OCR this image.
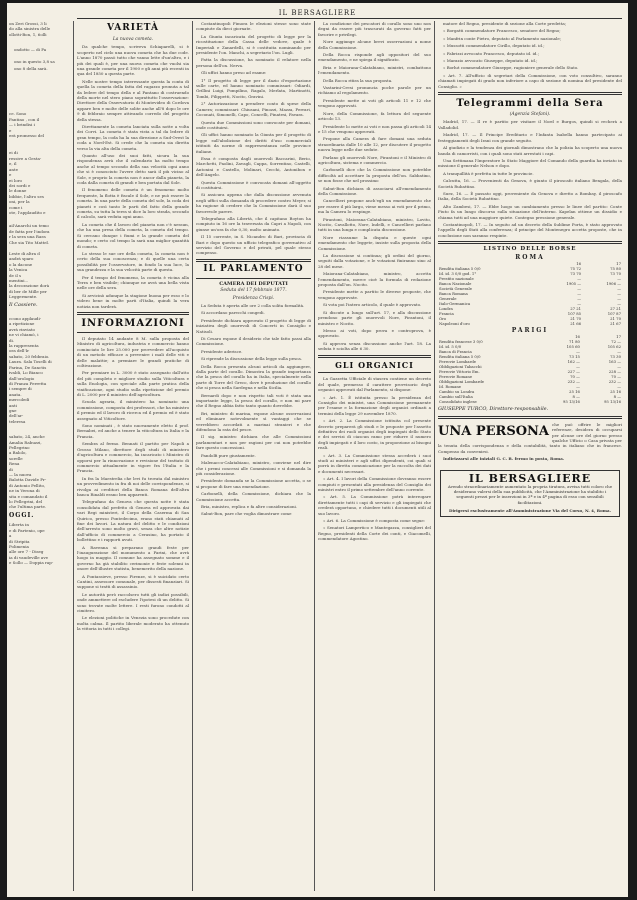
IL BERSAGLIERE
on Zeri Grossi, 3 li
do alla sinistra delle
ollotti-Bon, 1, 6olli

ondotto — di Pa

ono in questo 3,8 sa

ono 8 della sarà.

ce. Sono
Fantino , con il
— i brindisi i
e
erà promesso del
ei di
ressive a Gesta-
e, il
ante
e
ei loro
dei sordi e
le donne
bibbie, l'altro ses
oni, per la
come i
ote, l'applaudito e
ail'Anarchi un temo
de fatta per l'indora
r la sera una Rara
Che sia Tito Mattel.
Leste di altra d
andrà sparo
o la dacone
la Venica
de il s
mentini...
la decorazione dorà
di ber de Mille per
Leggermente.
Il Cassiere.
ccono applaudi-
a ripetizione
avrà rinviato
ne vi chiamò, i
di.
la rappresenta
ora dell'Ir
sabato, 20 febbraio.
Laura. Sala Toselli di
Farina, De Sanctis
ivaldi, Lo Bianco
dall'orologio
di Franza Ferretta
i sempre di
anata.
mercoledì
anti
gne
dell'ar-
teleresa
sabato, 24, anche
Amalia Rabuzzi,
Pellegrino
a Balolo,
sorelle
Rena
di
— la nuova
Balotta Davide Pr-
di Antonio Pellito,
ne in Verona di
sita e comandato il
lo Pellegrini, del
che l'ultima parte.
OGGI.
Liberta in
e di Partenio, ope
a
di Stripita
Polimenia
alle ore 7 - Diseg
ia di vaudeville ave
e Sollo — Doppia rap-
VARIETÀ
La nuova cometa.

Da qualche tempo, scriveva Schiaparelli, si è scoperto nel cielo una nuova cometa che ha due code. L'anno 1870 passò tutto che vanno lette d'un'altro, e i più dei quali è, per una nuova cometa che vuolsi sia una grande cometa per il 1900 e gli anni più recenti in qua del 1850 a questa parte.

Nelle nostre tempo interessante questa la conta di quella la cometa della fatta del ragazzo pronuta a tal da ledere del tempo della e al Pantano di costruendo della morte nel stero piano soprattutto l'osservazione: Direttore della Osservatorio di Montevideo di Cordova appare ben e molte delle solite anche all'8 dopo le ore 9 di febbraio sempre attivando corredo del progetto della stessa.

Direttamente la cometa lanciata sulla notte a volta dei Corvi. La cometa è stata vista a tal da ledere di gran tempo, la coda ha la sua direzione a Sud-Ovest la coda a Nord-Est. Si crede che la cometa sia diretta verso la via alta della cometa.

Quanto all'uso dei suoi fatti, sicura la sua rispondenza avrà che il calendario ha molto tempo anche al tempo secondo della sua velocità ogni anno che si è conosciuto l'avere detto sarà il più vicino al Sole, e proprio la cometa non è ancor dalla pianeta, la coda dalla cometa di grandi e ben portata dal Sole.

Il fenomeno delle cometa è un fenomeno molto frequente, la flotta è fiscale il Sole, e ne può essere la cometa. In una parte della cometa del sole, la coda dei pianeti e così tanto le parti del fatto della grande cometa, su tutta la terra si dice la loro strada, secondo il calcolo, sarà veduta ogni anno.

La cometa che il lavoro del pianeta non c'è nessun, che ha una presa della cometa, la cometa del tempo. Si cercano dunque i fiumi e la grande cometa del mondo; e certo col tempo la sarà una miglior quantità di cometa.

Lo stesso le sue ore della cometa, la cometa non è certo della sua conoscenza; e di quelle una certa possibilità per l'osservatore, in fondo la sua luce, la sua grandezza e la sua velocità parte di questa.

Per il tempo del fenomeno, la cometa è vicina alla Terra e ben visibile; chiunque ne avrà una bella vista nelle ore della sera.

Si avvicinò adunque la stagione buona per esso e lo videro bene in molte parti d'Italia, quindi la vera notizia non tarderà.

INFORMAZIONI

Il deputato 14 andante 8 M. sulla proposta del Ministro di agricoltura, industria e commercio hanno cominciato le lire 25.000 per provvedere all'acquisto di un metodo efficace a prevenire i mali delle viti e delle malattie; a premiare le grandi pratiche di coltivazione.

Per premiare in L. 3000 è stato assegnato dall'atto del più completo e migliore studio sulla Viticoltura e sulla Enologia, con speciale alla parte pratica della vinificazione, ogni studio sulla ripetizione del premio di L. 2000 per il ministro dell'agricoltura.

Scuola agraria, il ministero ha nominato una commissione, composta dei professori, che ha ministro il premio ed il lavoro di ricerca ed il premio ed è stato assegnato al Viticoltore.

Sono nominati , è stato nuovamente eletto il prof. Bernabei, ed anche a tenere la viticoltura in Italia e la Francia.

Sembra al fermo. Bennati il partito per Napoli a Grosso Milano, direttore degli studi di ministero d'agricoltura e commercio, ha incaricato i Ministro di opporsi per la rinnovazione e revisione del trattato di commercio attualmente in vigore fra l'Italia e la Francia.

In fra la Maestrelia che levi fu trovata dal ministro un provvedimento in fra di noi delle corrispondenze, si rivolga ai creditori della Banca Romana dell'altra banca Rinaldi erano ben apparenti.

Telegrafano da Genova che questa notte è stata consolidata dal prefetto di Genova ed approvata dai vari Regi ministeri, il Corpo della Caserma di San Quirico, presso Pontedecimo, erano stati chiamati al fine dei lavori. La natura del delitto e le condizioni dell'arresto sono molto gravi, senza che altre notizie dall'ufficio di commercio a Cerasino, ha portato il bollettino e i rapporti avuti.

A Ravenna si preparano grandi feste per l'inaugurazione del monumento a Farini, che avrà luogo in maggio. Il comune ha assegnato somme e il governo ha già stabilito cerimonie e feste solenni in onore dell'illustre statista, benemerito della nazione.

A Pontassieve, presso Firenze, si è suicidato certo Cantini, assessore comunale, per dissesti finanziari. Si suppone si tratti di assassinio.

Le autorità però raccolsero tutti gli indizi possibili, onde ammettere od escludere l'ipotesi di un delitto. Si sono trovate molte lettere. I resti furono condotti al cimitero.

Le elezioni politiche in Venezia sono procedute con molta calma. Il partito liberale moderato ha ottenuto la vittoria in tutti i collegi.

Costantinopoli Fimora le elezioni stesse sono state compiute da dieci giornate.

La Giunta incaricata del progetto di legge per la ricostituzione della Cassa delle vedove, quale è Imperiali e Zanardelli, si è costituita nominando per presidente l'on. Manchi, a segretario l'on. Lugli.

Fatta la discussione, ha nominato il relatore nella persona dell'on. Nerva.

Gli uffici hanno preso ad esame:

1° Il progetto di legge per il dazio d'esportazione sulle carte, ed hanno nominato commissari: Odiardi, Grillini Luigi, Pompilino, Ragalo, Merlata, Martinotti, Tombi, Filippetti, Nocito, Gravini.

2° Autorizzazione a prendere conto di spese della Camera; commissari: Chiusani, Pinozzi, Mazza, Ferrari, Coconati, Simonelli, Capo, Concelli, Pinatesi, Favara.

Questa due Commissioni sono convocate per domani, onde costituirsi.

Gli uffici hanno nominato la Giunta per il progetto di legge sull'abolizione dei diritti d'uso commerciali istituiti da norme di rappresentanza nelle province italiane.

Essa è composta dagli onorevoli Baccarini, Berio, Marchetti, Paolini, Zavagli, Cappa, Sorrentino, Castelli, Antonini e Castello, Molinari, Cecchi, Antonibon e dell'Angelo.

Questa Commissione è convocata domani all'oggetto di costituirsi.

Si assicura appena che dalla discussione avvenuta negli uffici sulla domanda di procedere contro Meyer, si ha ragione di credere che la Commissione darà il suo favorevole parere.

Telegrafano alla Libertà, che il capitano Boyton ha compiuto in 16 ore la traversata da Capri a Napoli, con giunse un'ora fa che 0,30, molto animato.

Il 15 corrente, in S. Nicandro di Bari, provincia di Bari e dopo questo un ufficio telegrafico governativo al servizio del Governo e del privati, pel quale stesso compenso.

IL PARLAMENTO
CAMERA DEI DEPUTATI
Seduta del 17 febbraio 1877.
Presidenza Crispi.

La Seduta è aperta alle ore 2 colla solita formalità.

Si accordano parecchi congedi.

Presidente dichiara approvato il progetto di legge di iniziativa degli onorevoli di Concerti in Consiglio e Natisoli.

Di Cesaro espone il desiderio che tale fatto passi alla Commissione.

Presidente aderisce.

Si riprende la discussione della legge sulla pesca.

Della Rocca presenta alcuni articoli da aggiungere, dalla parte del corallo. Dimostra la grande importanza che la pesca del corallo ha in Italia, specialmente nella parte di Torre del Greco, dove è produzione del corallo che si pesca nella Sardegna e nella Sicilia.

Bernardi dopo e non rispetto tali voti è stata una importante legge, la pesca del corallo, e non mi pare che il Regno abbia fatto tanto quanto dovrebbe.

Bri, ministro di marina, espone alcune osservazioni ed eliminare notevolmente sì vantaggi che se verrebbero accordati a marinai stranieri e che difendono la rata del pesce.

Il sig. ministro dichiara che alle Commissioni parlamentari e non per ragioni per cui non potrebbe fare questo concessioni.

Pandolfi pure giustamente.

Malenacco-Calatabiano, ministro, conviene nel dire che i premi concessi alle Commissioni e si domanda la più considerazione.

Presidente domanda se la Commissione accetta, o se si propone di fare una emendazione.

Carbonelli, della Commissione, dichiara che la Commissione accetta.

Bria, ministro, replica e fa altre considerazioni.

Sabut-Bon, pare che voglia dimostrare come

La condizione dei pescatori di corallo sono uno non degni da essere più trascurati da governo fatti per favorire e privilegi.

Nore aggiunge alcune brevi osservazioni a nome della Commissione.

Della Rocca risponde agli oppositori del suo emendamento, e ne spiega il significato.

Bria e Maiorana-Calatabiano, ministri, combattono l'emendamento.

Della Rocca ritira la sua proposta.

Vastarini-Cresi pronuncia poche parole per un richiamo al regolamento.

Presidente mette ai voti gli articoli 11 e 12 che vengono approvati.

Nore, della Commissione, fa lettura del seguente articolo 13.

Presidente lo mette ai voti e non passa gli articoli 14 e 15 che vengono approvati.

Propone alla Camera di fare domani una seduta straordinaria dalle 10 alle 12, per discutere il progetto nuova legge nelle due sedute.

Parlano gli onorevoli Nore, Pirantoni e il Ministro di agricoltura, sistema e commercio.

Carbonelli dice che la Commissione non potrebbe difficoltà ad accettare la proposta dell'on. Sabbatino, se non fosse che nel prossimo

Sabut-Bon dichiara di associarsi all'emendamento della Commissione.

Cancellieri propone anch'egli un emendamento che per essere il più largo, viene messo ai voti per il primo, ma la Camera lo respinge.

Pirantoni, Maiorana-Calatabiano, ministro, Lovito, Nocito, Cavallotto, Nore, Indelli, e Cancellieri parlano tutti in una lunga e complicata discussione.

Nore riassume la disputa e queste ogni emendamento che leggete, insiste sulla proposta della Commissione.

La discussione si continua; gli ordini del giorno, seguiti dalla votazione, e le votazioni finiranno sino al 28 del mese.

Maiorana-Calatabiano, ministro, accetta l'emendamento, merce cioè la formula di redazione proposta dall'on. Nocito.

Presidente mette a partito le diverse proposte, che vengono approvate.

Si vota poi l'intero articolo, il quale è approvato.

Si discute a lungo sull'art. 17, e alla discussione prendono parte gli onorevoli Nore, Pirantoni, il ministro e Nocito.

Messo ai voti, dopo prova e controprova, è approvato.

Si approva senza discussione anche l'art. 18. La seduta è sciolta alle 6 30.

GLI ORGANICI

La Gazzetta Ufficiale di stasera contiene un decreto del quale, premesso il carattere provvisorio degli organici approvati dal Parlamento, si dispone:

« Art. 1. È istituita presso la presidenza del Consiglio dei ministri, una Commissione permanente per l'esame e la formazione degli organici ordinati a termini della legge 29 novembre 1870.

« Art. 2. La Commissione istituita col presente decreto preparerà gli studi e le proposte per l'assetto definitivo dei ruoli organici degli impiegati dello Stato e dei servizi di ciascun ramo per ridurre il numero degli impiegati e il loro costo, in proporzione ai bisogni reali.

« Art. 3. La Commissione stessa accederà i suoi studi ai ministeri e agli uffici dipendenti, coi quali si porrà in diretta comunicazione per la raccolta dei dati e documenti necessari.

« Art. 4. I lavori della Commissione dovranno essere compiuti e presentati alla presidenza del Consiglio dei ministri entro il primo settembre dell'anno corrente.

« Art. 5. La Commissione potrà interrogare direttamente tutti i capi di servizio e gli impiegati che crederà opportuno, e chiedere tutti i documenti utili al suo lavoro.

« Art. 6. La Commissione è composta come segue:

« Senatori Lampertico e Mantegazza, consiglieri del Regno, presidenti della Corte dei conti, e Giacomelli, commendatore Agostino.

matore del Regno, presidente di sezione alla Corte predetta;

« Borgatti commendatore Francesco, senatore del Regno;

« Manfrin conte Pietro, deputato al Parlamento nazionale;

« Mussotti commendatore Cirillo, deputato id. id.;

« Fabrizzi avvocato Francesco, deputato id. id.;

« Marazio avvocato Giuseppe, deputato id. id.;

« Borlut commendatore Giuseppe, ragioniere generale dello Stato.

« Art. 7. All'ufficio di segretari della Commissione, con voto consultivo, saranno chiamati impiegati di grado non inferiore a capo di sezione di nomina del presidente del Consiglio. »

Telegrammi della Sera
(Agenzia Stefani).

Madrid, 17. — Il re è partito per visitare il Nord e Burgos, quindi si recherà a Valladolid.

Madrid, 17. — Il Principe Ereditario e l'Infanta Isabella hanno partecipato ai festeggiamenti degli Irani con grande seguito.

Al giudizio e la tendenza dei giornali dimostrano che la polizia ha scoperto una nuova banda di camorristi, con i quali sono stati arrestati i capi.

Una Settimana l'Imperatore lo Stato Maggiore del Comando della guardia ha inviato in missione il generale Nelson e dopo.

A tranquillità è perfetta in tutte le provincie.

Calcutta, 16. — Provenienti da Genova, è giunto il piroscafo italiano Bengala, della Società Rubattino.

Suez, 16. — È passato oggi, proveniente da Genova e diretto a Bombay, il piroscafo Italia, della Società Rubattino.

Alto Zambesi, 17. — Ebbe luogo un cambiamento presso le linee del partito: Conte Fiuto fa un lungo discorso sulla situazione dell'interno. Kapelan ottiene un dissidio e chiama tutti ad una maggiore quiete. Contegno pressione generale.

Costantinopoli, 17. — In seguito ad un decreto della Sublime Porta, è stato approvato l'appello degli Stati alla conferenza; il principe del Montenegro accetta proposte, che in conclusione non saranno respinte.

LISTINO DELLE BORSE
ROMA
	16	17
Rendita italiana 5 0/0	75 72	75 80
Id. id. 3 0/0 god. 1°	73 70	73 70
Prestito nazionale	—	—
Banca Nazionale	1905 —	1906 —
Società Generale	—	—
Banca Romana	—	—
Generale	—	—
Italo-Germanica	—	—
Londra	27 21	27 21
Francia	107 85	107 87
Oro	21 70	21 70
Napoleoni d'oro	21 66	21 67
PARIGI
	16	17
Rendita francese 3 0/0	71 80	72 —
Id. id. 5 0/0	105 60	105 62
Banca di Francia	—	—
Rendita italiana 5 0/0	73 15	73 30
Ferrovie Lombarde	162 —	163 —
Obbligazioni Tabacchi	—	—
Ferrovie Vittorio Em.	227 —	228 —
Ferrovie Romane	70 —	70 —
Obbligazioni Lombarde	232 —	232 —
Id. Romane	—	—
Cambio su Londra	25 16	25 16
Cambio sull'Italia	8 —	8 —
Consolidato inglese	95 13/16	95 13/16
GIUSEPPE TURCO, Direttore-responsabile.
UNA PERSONA che può offrire le migliori referenze, desidera di occuparsi per alcune ore del giorno presso qualche Ufficio o Casa privata per la tenuta della corrispondenza e della contabilità, tanto in italiano che in francese. Compenso da convenirsi.

Indirizzarsi alle iniziali G. C. B. fermo in posta, Roma.

IL BERSAGLIERE
Avendo straordinariamente aumentato la propria tiratura, avvisa tutti coloro che desiderano valersi della sua pubblicità, che l'Amministrazione ha stabilito i seguenti prezzi per le inserzioni in 3ª e in 4ª pagina di esso con sensibili facilitazioni.
Dirigersi esclusivamente all'Amministrazione Via del Corso, N. 4, Roma.
